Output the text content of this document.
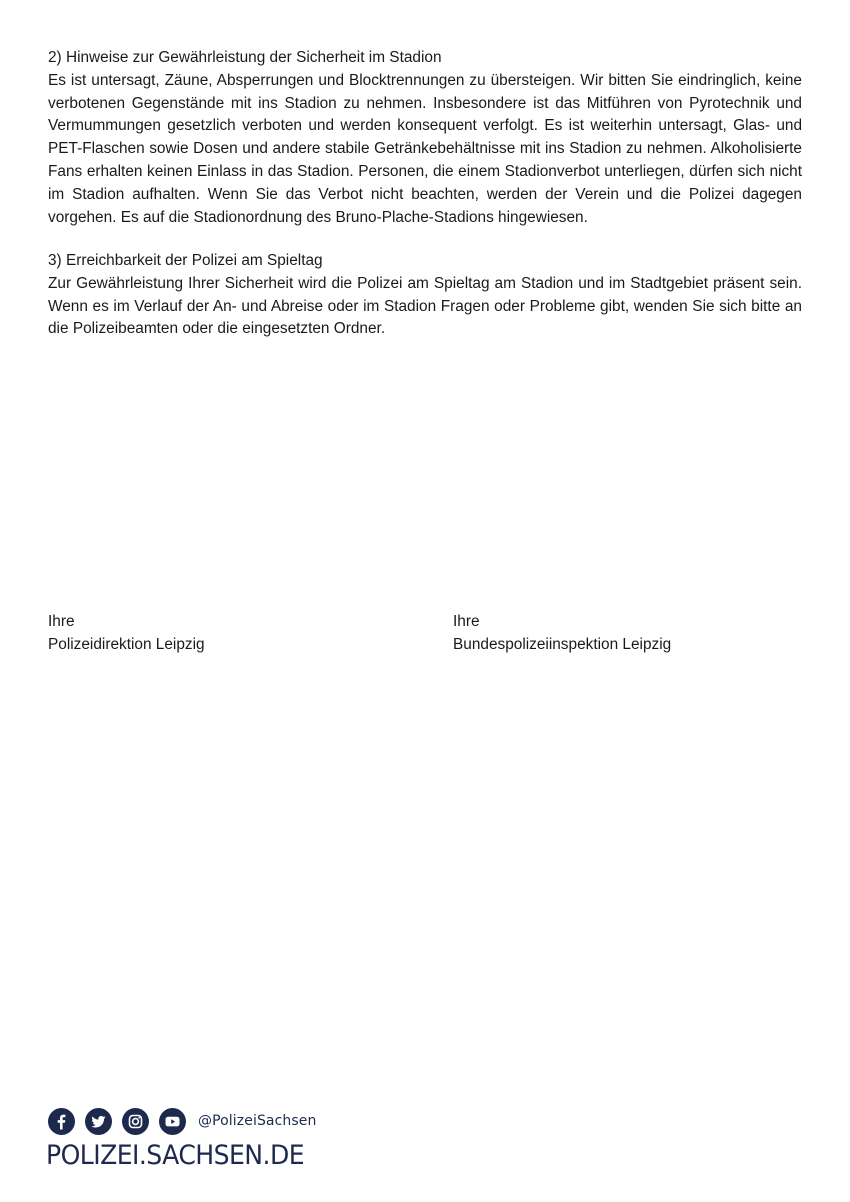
2) Hinweise zur Gewährleistung der Sicherheit im Stadion

Es ist untersagt, Zäune, Absperrungen und Blocktrennungen zu übersteigen. Wir bitten Sie eindringlich, keine verbotenen Gegenstände mit ins Stadion zu nehmen. Insbesondere ist das Mitführen von Pyrotechnik und Vermummungen gesetzlich verboten und werden konsequent verfolgt. Es ist weiterhin untersagt, Glas- und PET-Flaschen sowie Dosen und andere stabile Getränkebehältnisse mit ins Stadion zu nehmen. Alkoholisierte Fans erhalten keinen Einlass in das Stadion. Personen, die einem Stadionverbot unterliegen, dürfen sich nicht im Stadion aufhalten. Wenn Sie das Verbot nicht beachten, werden der Verein und die Polizei dagegen vorgehen. Es auf die Stadionordnung des Bruno-Plache-Stadions hingewiesen.

3) Erreichbarkeit der Polizei am Spieltag

Zur Gewährleistung Ihrer Sicherheit wird die Polizei am Spieltag am Stadion und im Stadtgebiet präsent sein. Wenn es im Verlauf der An- und Abreise oder im Stadion Fragen oder Probleme gibt, wenden Sie sich bitte an die Polizeibeamten oder die eingesetzten Ordner.

Ihre
Polizeidirektion Leipzig
Ihre
Bundespolizeiinspektion Leipzig
@PolizeiSachsen
POLIZEI.SACHSEN.DE
